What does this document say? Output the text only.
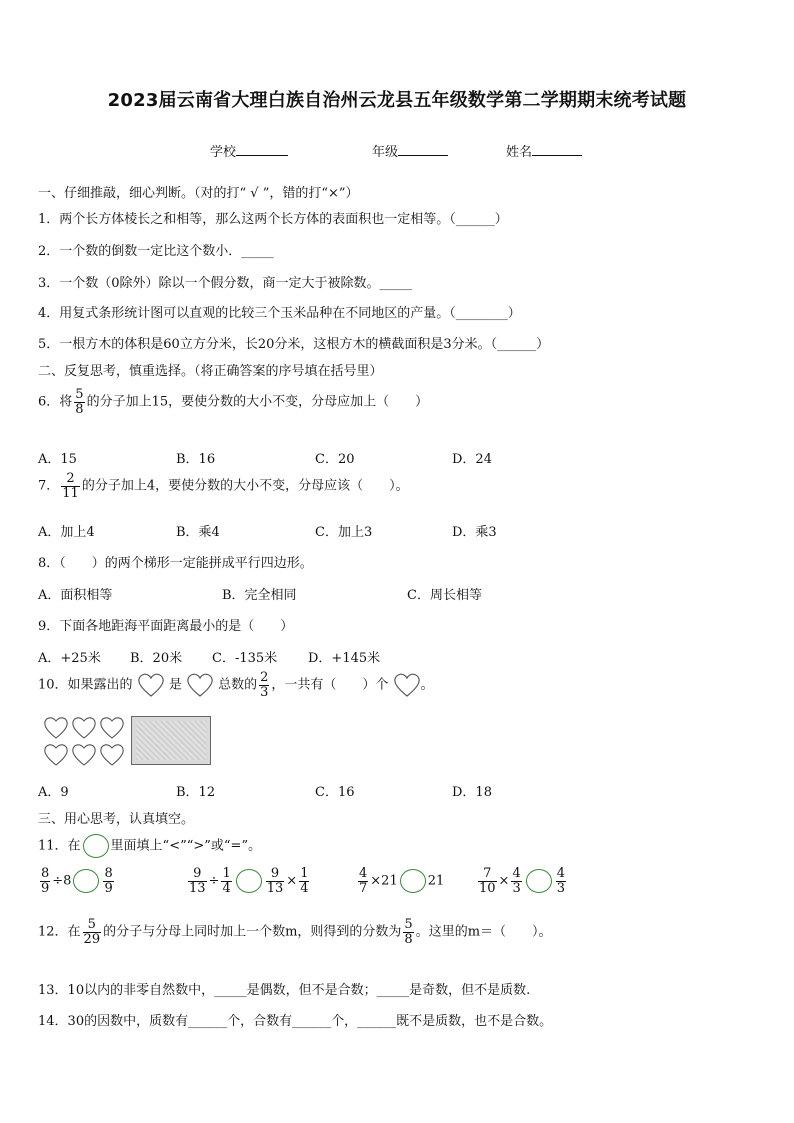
2023届云南省大理白族自治州云龙县五年级数学第二学期期末统考试题
学校	年级	姓名
一、仔细推敲，细心判断。（对的打“ √ ”，错的打“×”）
1．两个长方体棱长之和相等，那么这两个长方体的表面积也一定相等。（______）
2．一个数的倒数一定比这个数小．_____
3．一个数（0除外）除以一个假分数，商一定大于被除数。_____
4．用复式条形统计图可以直观的比较三个玉米品种在不同地区的产量。（________）
5．一根方木的体积是60立方分米，长20分米，这根方木的横截面积是3分米。（______）
二、反复思考，慎重选择。（将正确答案的序号填在括号里）
6．将 $\frac{5}{8}$ 的分子加上15，要使分数的大小不变，分母应加上（　　）
A．15	B．16	C．20	D．24
7． $\frac{2}{11}$ 的分子加上4，要使分数的大小不变，分母应该（　　）。
A．加上4	B．乘4	C．加上3	D．乘3
8．（　　）的两个梯形一定能拼成平行四边形。
A．面积相等	B．完全相同	C．周长相等
9．下面各地距海平面距离最小的是（　　）
A．+25米 B．20米 C．-135米 D．+145米
10．如果露出的	是	总数的 $\frac{2}{3}$ ，一共有（　　）个 。
A．9	B．12	C．16	D．18
三、用心思考，认真填空。
11．在 里面填上“<”“>”或“=”。
$\frac{8}{9} \div 8 \frac{8}{9}$	$\frac{9}{13} \div \frac{1}{4}$	$\frac{9}{13} \times \frac{1}{4}$	$\frac{4}{7} \times 21$ 21	$\frac{7}{10} \times \frac{4}{3}$	$\frac{4}{3}$
12．在 $\frac{5}{29}$ 的分子与分母上同时加上一个数m，则得到的分数为 $\frac{5}{8}$ 。这里的m＝（　　）。
13．10以内的非零自然数中，_____是偶数，但不是合数；_____是奇数，但不是质数.
14．30的因数中，质数有______个，合数有______个，______既不是质数，也不是合数。
